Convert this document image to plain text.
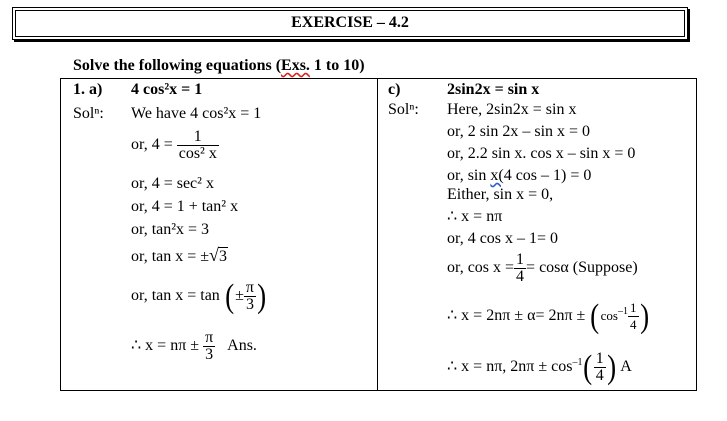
EXERCISE – 4.2
Solve the following equations (Exs. 1 to 10)
1. a) 4 cos²x = 1
Solⁿ: We have 4 cos²x = 1
or, $4 = \frac{1}{\text{cos² x}}$
or, 4 = sec² x
or, 4 = 1 + tan² x
or, tan²x = 3
or, tan x = ±√3
or, tan x = tan (± $\frac{\pi}{3}$ )
∴ $x = n\pi \pm \frac{\pi}{3}$ Ans.
c)	2sin2x = sin x
Solⁿ: Here, 2sin2x = sin x
or, 2 sin 2x – sin x = 0
or, 2.2 sin x. cos x – sin x = 0
or, sin x(4 cos – 1) = 0
Either, sin x = 0,
∴ x = nπ
or, 4 cos x – 1= 0
or, $\cos x = \frac{1}{4} = \cos\alpha$ (Suppose)
∴ $x = 2n\pi \pm \alpha= 2n\pi \pm (\cos^{-1} \frac{1}{4}$ )
∴ x = nπ, $2n\pi \pm \cos^{-1}( \frac{1}{4}$ ) A
